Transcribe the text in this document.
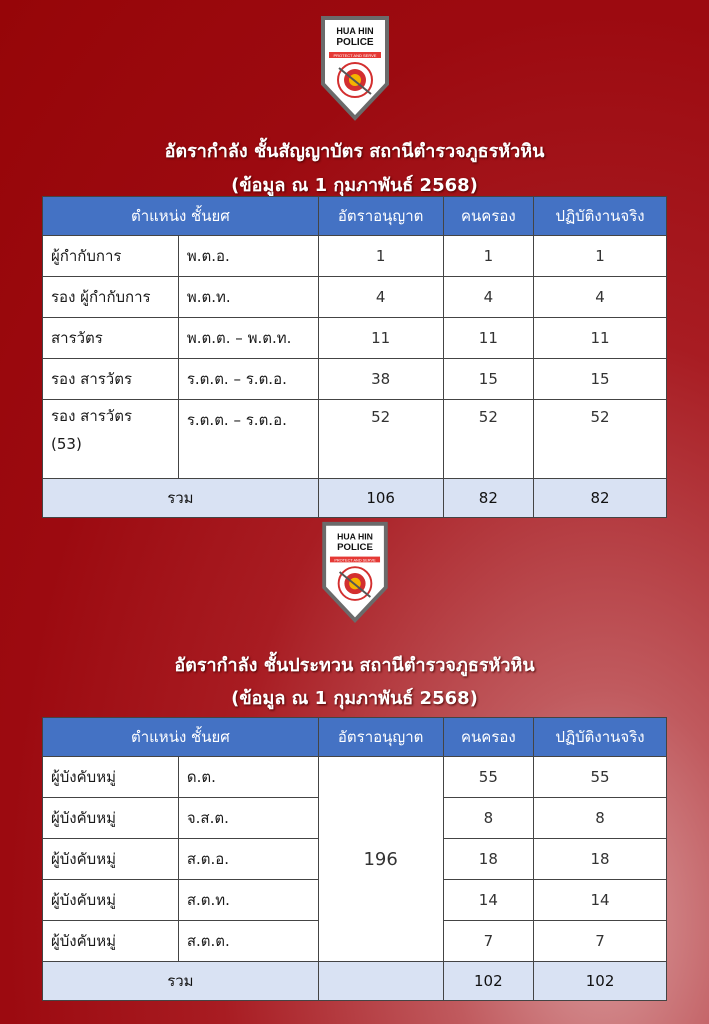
HUA HIN
POLICE
PROTECT AND SERVE
อัตรากำลัง ชั้นสัญญาบัตร สถานีตำรวจภูธรหัวหิน
(ข้อมูล ณ 1 กุมภาพันธ์ 2568)
ตำแหน่ง ชั้นยศ		อัตราอนุญาต	คนครอง	ปฏิบัติงานจริง
ผู้กำกับการ	พ.ต.อ.	1	1	1
รอง ผู้กำกับการ	พ.ต.ท.	4	4	4
สารวัตร	พ.ต.ต. – พ.ต.ท.	11	11	11
รอง สารวัตร	ร.ต.ต. – ร.ต.อ.	38	15	15

รอง สารวัตร
(53)	ร.ต.ต. – ร.ต.อ.	52	52	52
รวม		106	82	82
HUA HIN
POLICE
PROTECT AND SERVE
อัตรากำลัง ชั้นประทวน สถานีตำรวจภูธรหัวหิน
(ข้อมูล ณ 1 กุมภาพันธ์ 2568)
ตำแหน่ง ชั้นยศ		อัตราอนุญาต	คนครอง	ปฏิบัติงานจริง
ผู้บังคับหมู่	ด.ต.	196	55	55
ผู้บังคับหมู่	จ.ส.ต.		8	8
ผู้บังคับหมู่	ส.ต.อ.		18	18
ผู้บังคับหมู่	ส.ต.ท.		14	14
ผู้บังคับหมู่	ส.ต.ต.		7	7
รวม			102	102
